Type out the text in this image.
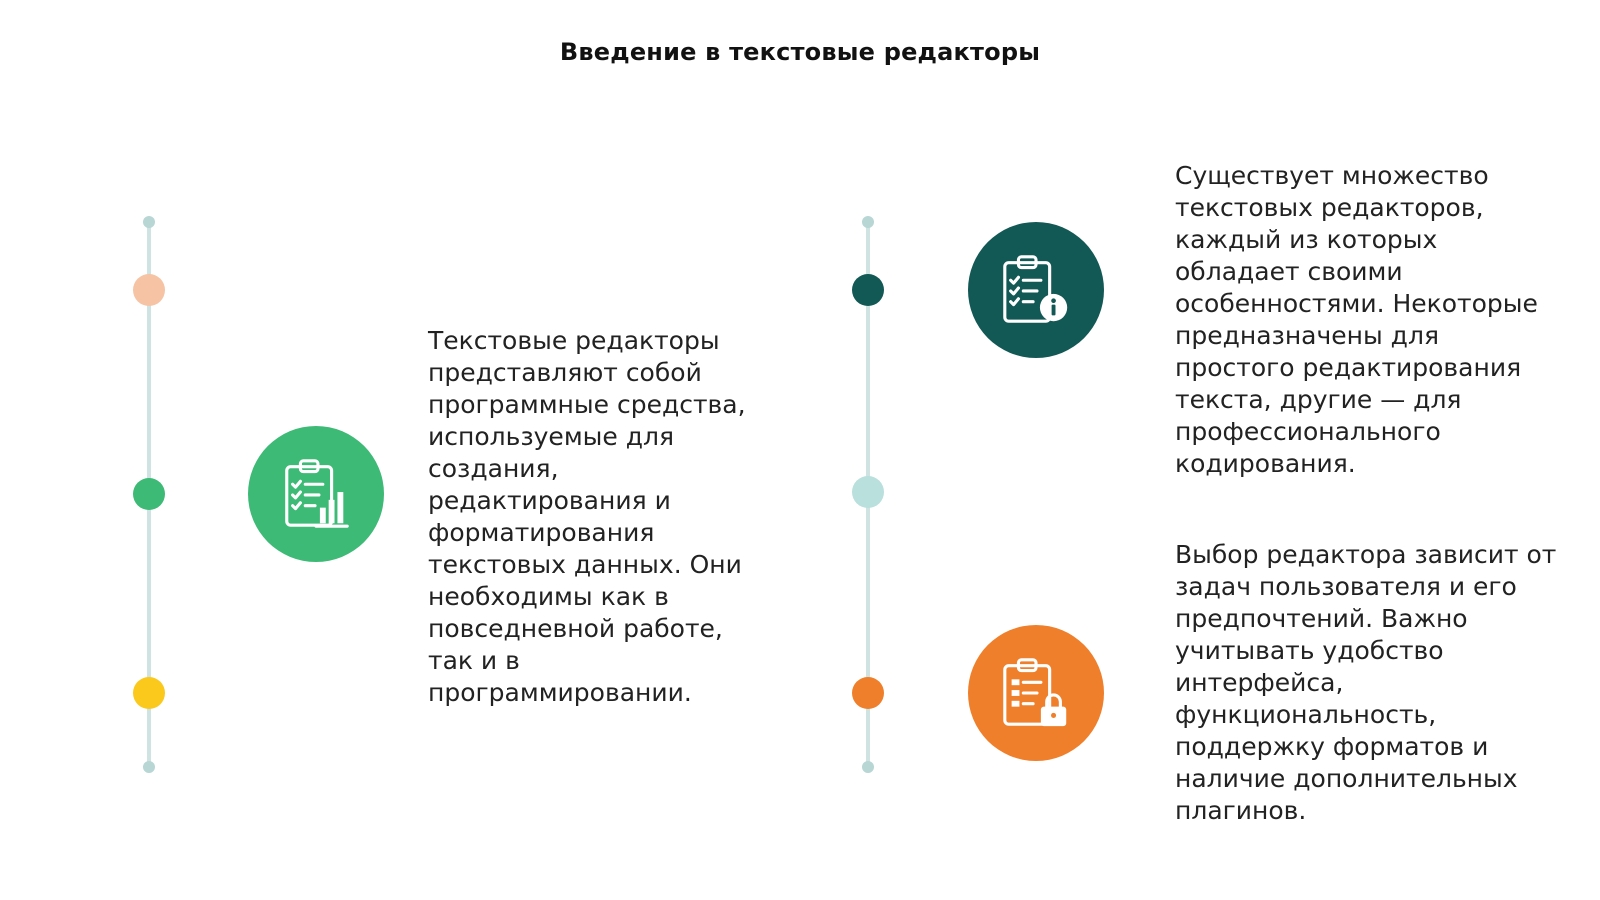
Введение в текстовые редакторы
Текстовые редакторы
представляют собой
программные средства,
используемые для
создания,
редактирования и
форматирования
текстовых данных. Они
необходимы как в
повседневной работе,
так и в
программировании.
Существует множество
текстовых редакторов,
каждый из которых
обладает своими
особенностями. Некоторые
предназначены для
простого редактирования
текста, другие — для
профессионального
кодирования.
Выбор редактора зависит от
задач пользователя и его
предпочтений. Важно
учитывать удобство
интерфейса,
функциональность,
поддержку форматов и
наличие дополнительных
плагинов.
